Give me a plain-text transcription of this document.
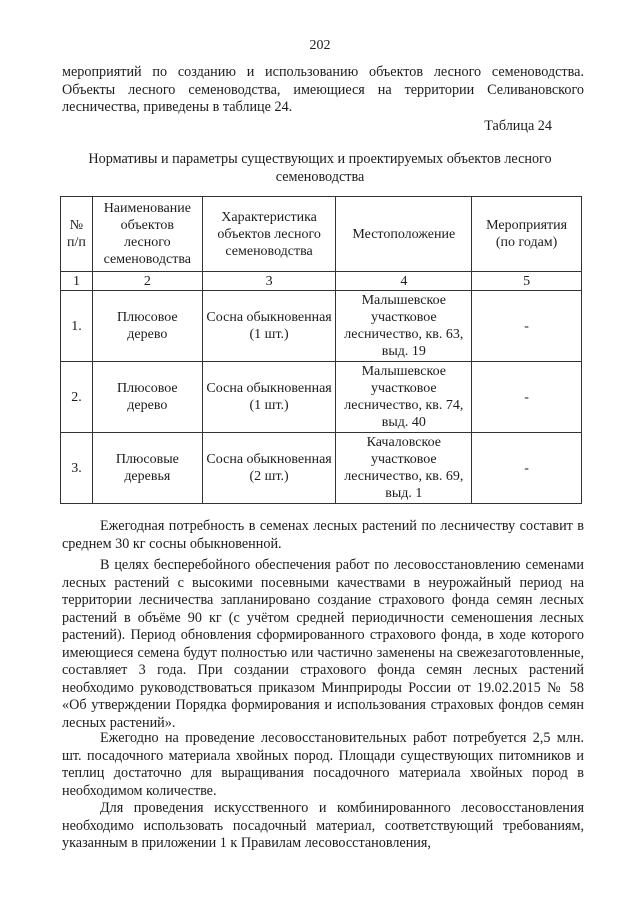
202

мероприятий по созданию и использованию объектов лесного семеноводства. Объекты лесного семеноводства, имеющиеся на территории Селивановского лесничества, приведены в таблице 24.

Таблица 24
Нормативы и параметры существующих и проектируемых объектов лесного семеноводства
№ п/п	Наименование объектов лесного семеноводства	Характеристика объектов лесного семеноводства	Местоположение	Мероприятия (по годам)
1	2	3	4	5
1.	Плюсовое дерево	Сосна обыкновенная (1 шт.)	Малышевское участковое лесничество, кв. 63, выд. 19	-
2.	Плюсовое дерево	Сосна обыкновенная (1 шт.)	Малышевское участковое лесничество, кв. 74, выд. 40	-
3.	Плюсовые деревья	Сосна обыкновенная (2 шт.)	Качаловское участковое лесничество, кв. 69, выд. 1	-

Ежегодная потребность в семенах лесных растений по лесничеству составит в среднем 30 кг сосны обыкновенной.

В целях бесперебойного обеспечения работ по лесовосстановлению семенами лесных растений с высокими посевными качествами в неурожайный период на территории лесничества запланировано создание страхового фонда семян лесных растений в объёме 90 кг (с учётом средней периодичности семеношения лесных растений). Период обновления сформированного страхового фонда, в ходе которого имеющиеся семена будут полностью или частично заменены на свежезаготовленные, составляет 3 года. При создании страхового фонда семян лесных растений необходимо руководствоваться приказом Минприроды России от 19.02.2015 № 58 «Об утверждении Порядка формирования и использования страховых фондов семян лесных растений».

Ежегодно на проведение лесовосстановительных работ потребуется 2,5 млн. шт. посадочного материала хвойных пород. Площади существующих питомников и теплиц достаточно для выращивания посадочного материала хвойных пород в необходимом количестве.

Для проведения искусственного и комбинированного лесовосстановления необходимо использовать посадочный материал, соответствующий требованиям, указанным в приложении 1 к Правилам лесовосстановления,
